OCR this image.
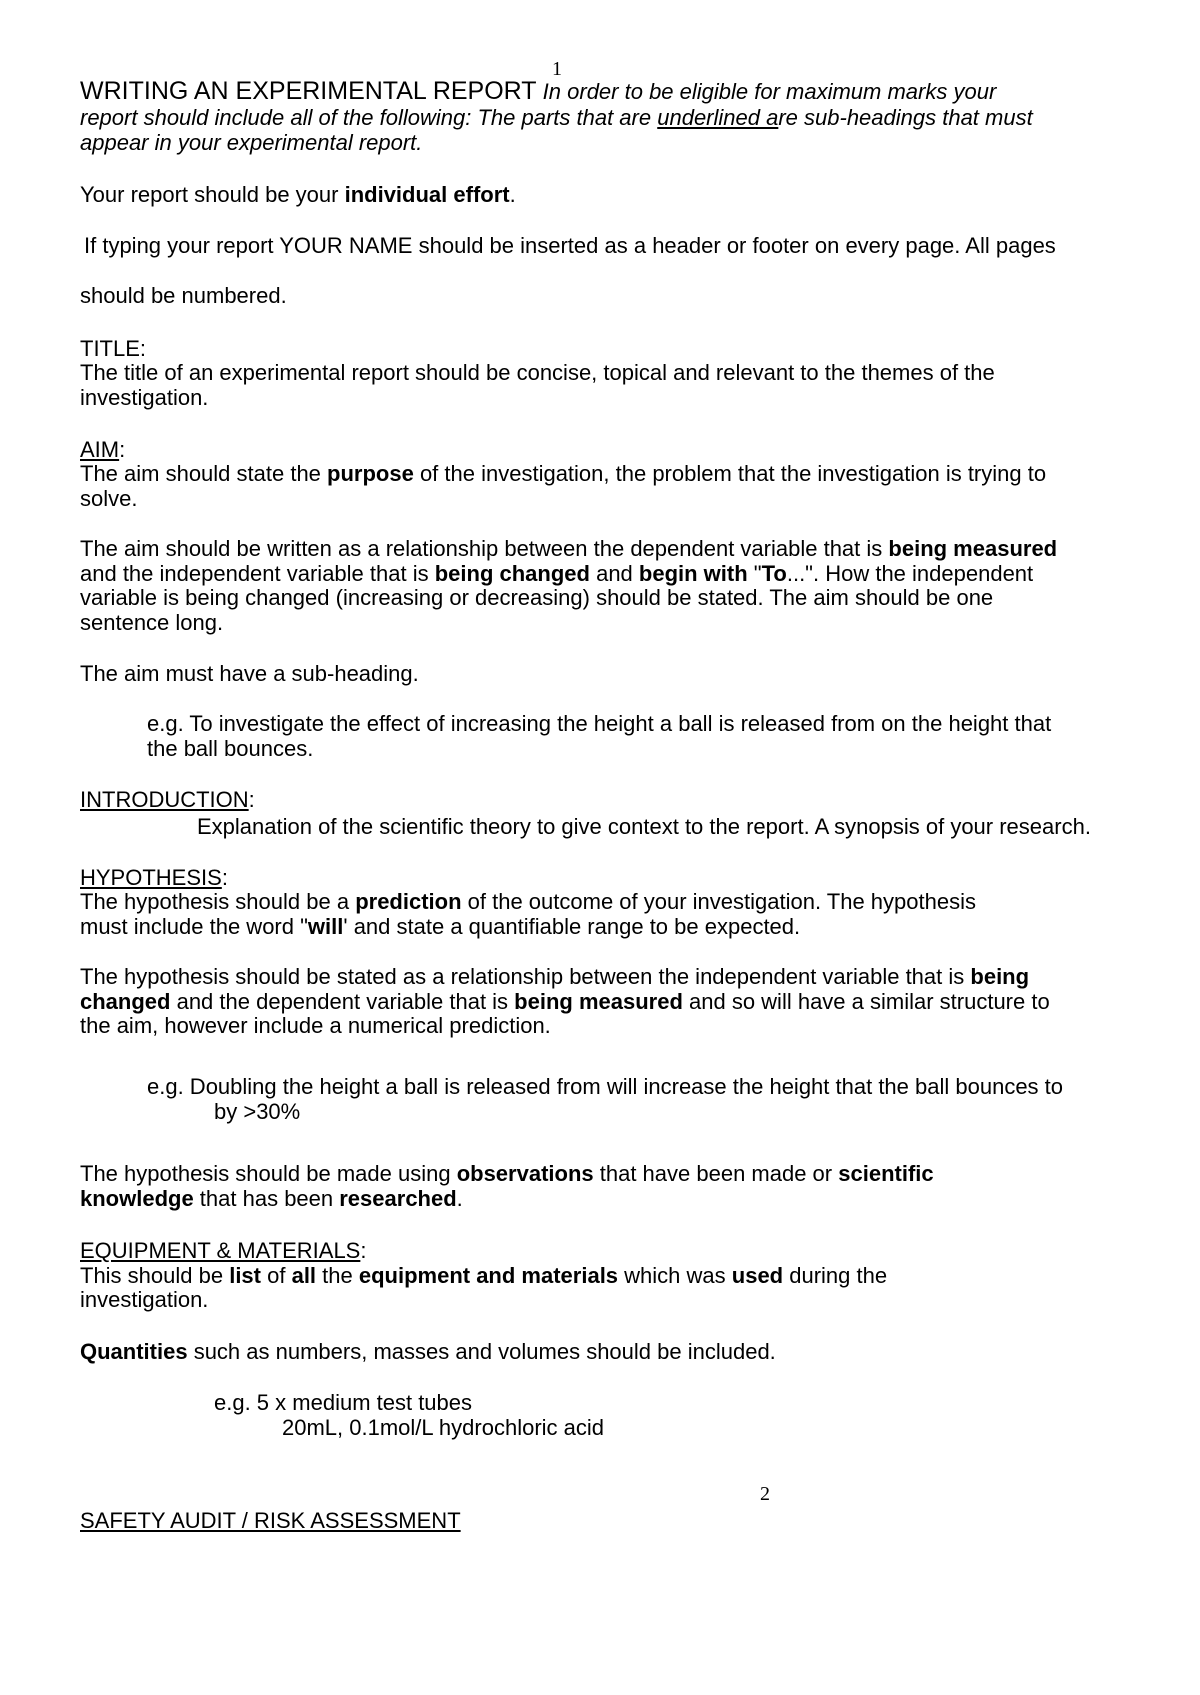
1
2
WRITING AN EXPERIMENTAL REPORT In order to be eligible for maximum marks your
report should include all of the following: The parts that are underlined are sub-headings that must
appear in your experimental report.
Your report should be your individual effort.
If typing your report YOUR NAME should be inserted as a header or footer on every page. All pages
should be numbered.
TITLE:
The title of an experimental report should be concise, topical and relevant to the themes of the
investigation.
AIM:
The aim should state the purpose of the investigation, the problem that the investigation is trying to
solve.
The aim should be written as a relationship between the dependent variable that is being measured
and the independent variable that is being changed and begin with "To...". How the independent
variable is being changed (increasing or decreasing) should be stated. The aim should be one
sentence long.
The aim must have a sub-heading.
e.g. To investigate the effect of increasing the height a ball is released from on the height that
the ball bounces.
INTRODUCTION:
Explanation of the scientific theory to give context to the report. A synopsis of your research.
HYPOTHESIS:
The hypothesis should be a prediction of the outcome of your investigation. The hypothesis
must include the word "will' and state a quantifiable range to be expected.
The hypothesis should be stated as a relationship between the independent variable that is being
changed and the dependent variable that is being measured and so will have a similar structure to
the aim, however include a numerical prediction.
e.g. Doubling the height a ball is released from will increase the height that the ball bounces to
by >30%
The hypothesis should be made using observations that have been made or scientific
knowledge that has been researched.
EQUIPMENT & MATERIALS:
This should be list of all the equipment and materials which was used during the
investigation.
Quantities such as numbers, masses and volumes should be included.
e.g. 5 x medium test tubes
20mL, 0.1mol/L hydrochloric acid
SAFETY AUDIT / RISK ASSESSMENT
